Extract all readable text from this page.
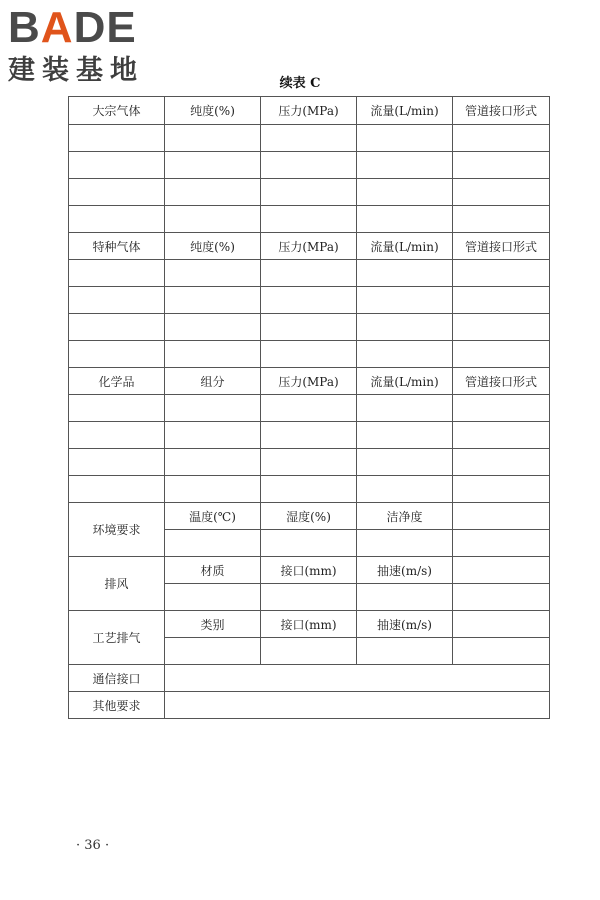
BADE
建装基地	续表 C
大宗气体	纯度(%)	压力(MPa)	流量(L/min)	管道接口形式

特种气体	纯度(%)	压力(MPa)	流量(L/min)	管道接口形式

化学品	组分	压力(MPa)	流量(L/min)	管道接口形式

环境要求	温度(℃)	湿度(%)	洁净度	

排风	材质	接口(mm)	抽速(m/s)	

工艺排气	类别	接口(mm)	抽速(m/s)	

通信接口				
其他要求				
· 36 ·
